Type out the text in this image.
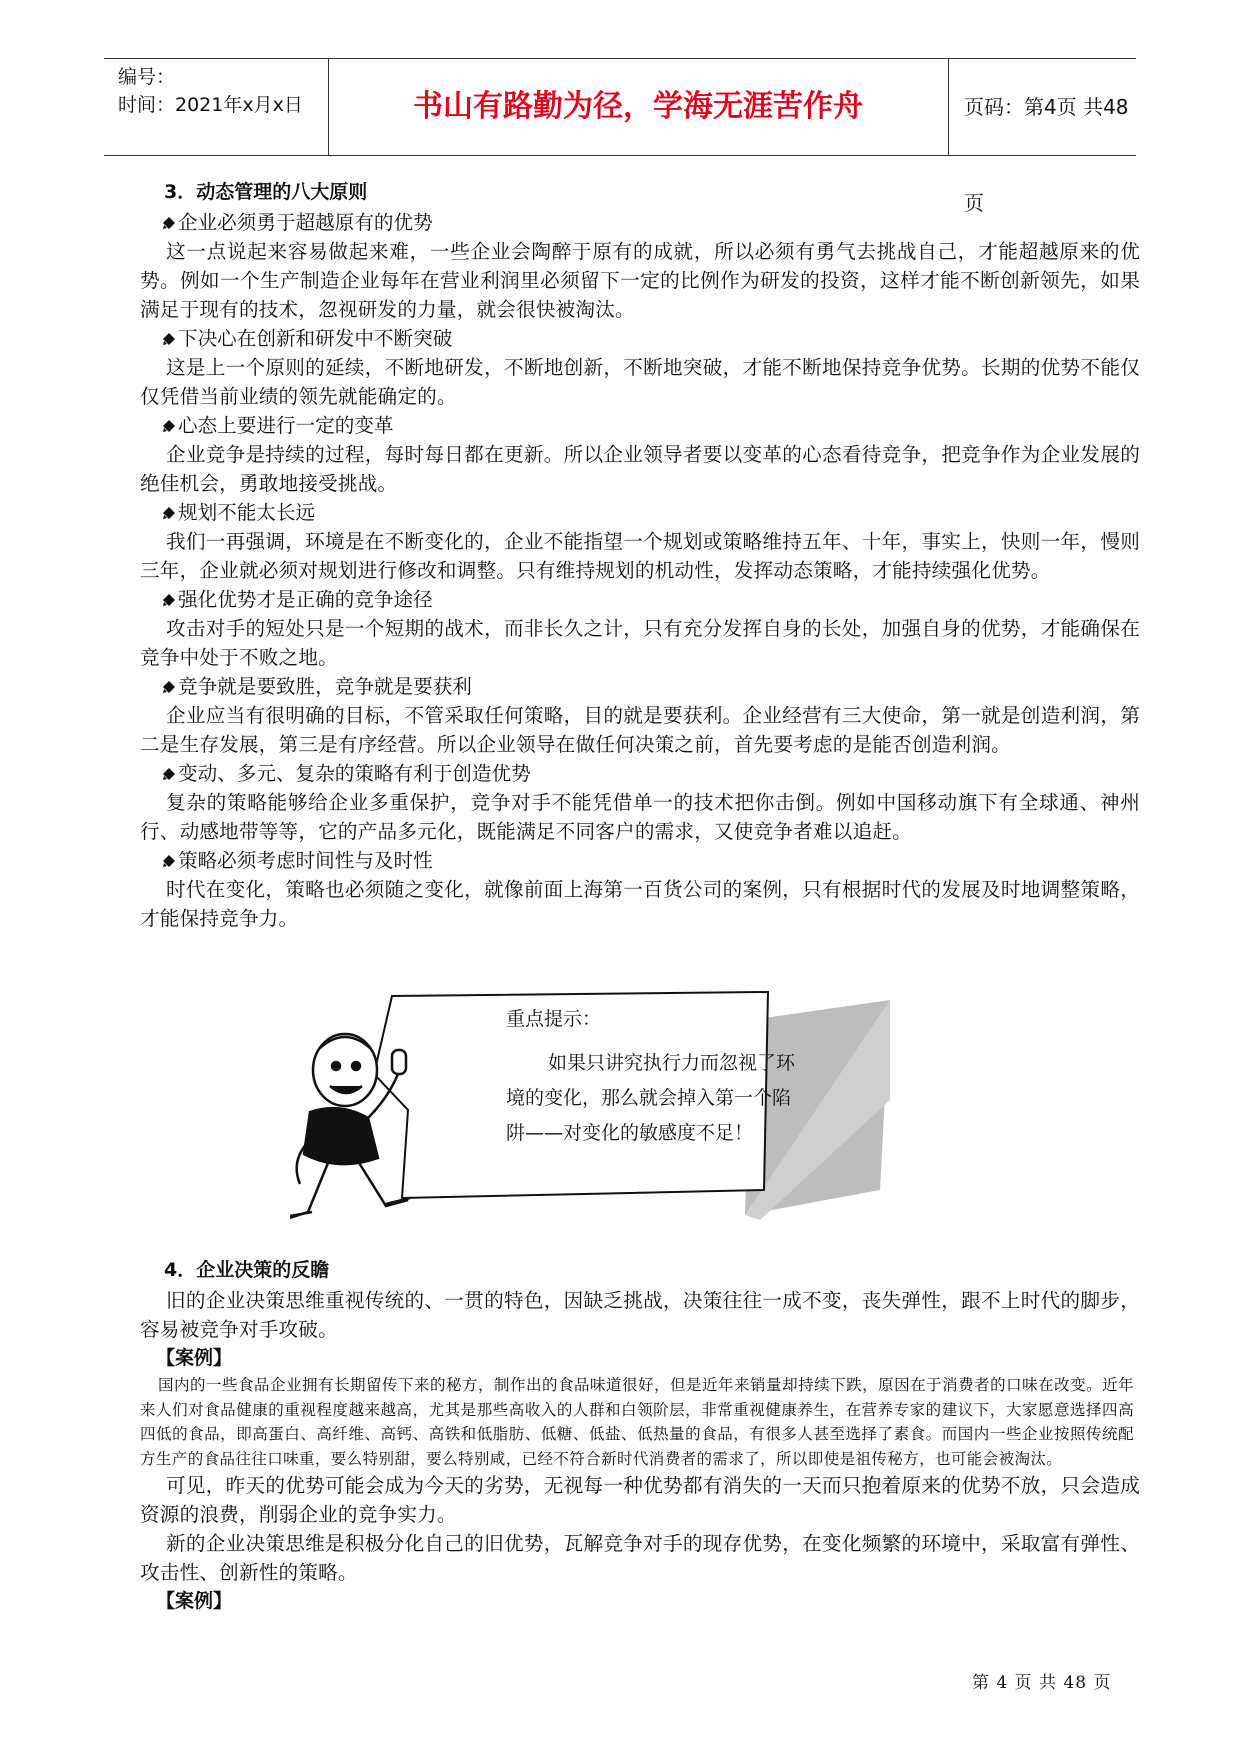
编号：
时间：2021年x月x日	书山有路勤为径，学海无涯苦作舟	页码：第4页 共48页
3．动态管理的八大原则
企业必须勇于超越原有的优势
这一点说起来容易做起来难，一些企业会陶醉于原有的成就，所以必须有勇气去挑战自己，才能超越原来的优势。例如一个生产制造企业每年在营业利润里必须留下一定的比例作为研发的投资，这样才能不断创新领先，如果满足于现有的技术，忽视研发的力量，就会很快被淘汰。
下决心在创新和研发中不断突破
这是上一个原则的延续，不断地研发，不断地创新，不断地突破，才能不断地保持竞争优势。长期的优势不能仅仅凭借当前业绩的领先就能确定的。
心态上要进行一定的变革
企业竞争是持续的过程，每时每日都在更新。所以企业领导者要以变革的心态看待竞争，把竞争作为企业发展的绝佳机会，勇敢地接受挑战。
规划不能太长远
我们一再强调，环境是在不断变化的，企业不能指望一个规划或策略维持五年、十年，事实上，快则一年，慢则三年，企业就必须对规划进行修改和调整。只有维持规划的机动性，发挥动态策略，才能持续强化优势。
强化优势才是正确的竞争途径
攻击对手的短处只是一个短期的战术，而非长久之计，只有充分发挥自身的长处，加强自身的优势，才能确保在竞争中处于不败之地。
竞争就是要致胜，竞争就是要获利
企业应当有很明确的目标，不管采取任何策略，目的就是要获利。企业经营有三大使命，第一就是创造利润，第二是生存发展，第三是有序经营。所以企业领导在做任何决策之前，首先要考虑的是能否创造利润。
变动、多元、复杂的策略有利于创造优势
复杂的策略能够给企业多重保护，竞争对手不能凭借单一的技术把你击倒。例如中国移动旗下有全球通、神州行、动感地带等等，它的产品多元化，既能满足不同客户的需求，又使竞争者难以追赶。
策略必须考虑时间性与及时性
时代在变化，策略也必须随之变化，就像前面上海第一百货公司的案例，只有根据时代的发展及时地调整策略，才能保持竞争力。
重点提示：
如果只讲究执行力而忽视了环境的变化，那么就会掉入第一个陷阱——对变化的敏感度不足！
4．企业决策的反瞻
旧的企业决策思维重视传统的、一贯的特色，因缺乏挑战，决策往往一成不变，丧失弹性，跟不上时代的脚步，容易被竞争对手攻破。
【案例】
国内的一些食品企业拥有长期留传下来的秘方，制作出的食品味道很好，但是近年来销量却持续下跌，原因在于消费者的口味在改变。近年来人们对食品健康的重视程度越来越高，尤其是那些高收入的人群和白领阶层，非常重视健康养生，在营养专家的建议下，大家愿意选择四高四低的食品，即高蛋白、高纤维、高钙、高铁和低脂肪、低糖、低盐、低热量的食品，有很多人甚至选择了素食。而国内一些企业按照传统配方生产的食品往往口味重，要么特别甜，要么特别咸，已经不符合新时代消费者的需求了，所以即使是祖传秘方，也可能会被淘汰。
可见，昨天的优势可能会成为今天的劣势，无视每一种优势都有消失的一天而只抱着原来的优势不放，只会造成资源的浪费，削弱企业的竞争实力。
新的企业决策思维是积极分化自己的旧优势，瓦解竞争对手的现存优势，在变化频繁的环境中，采取富有弹性、攻击性、创新性的策略。
【案例】
第 4 页 共 48 页
